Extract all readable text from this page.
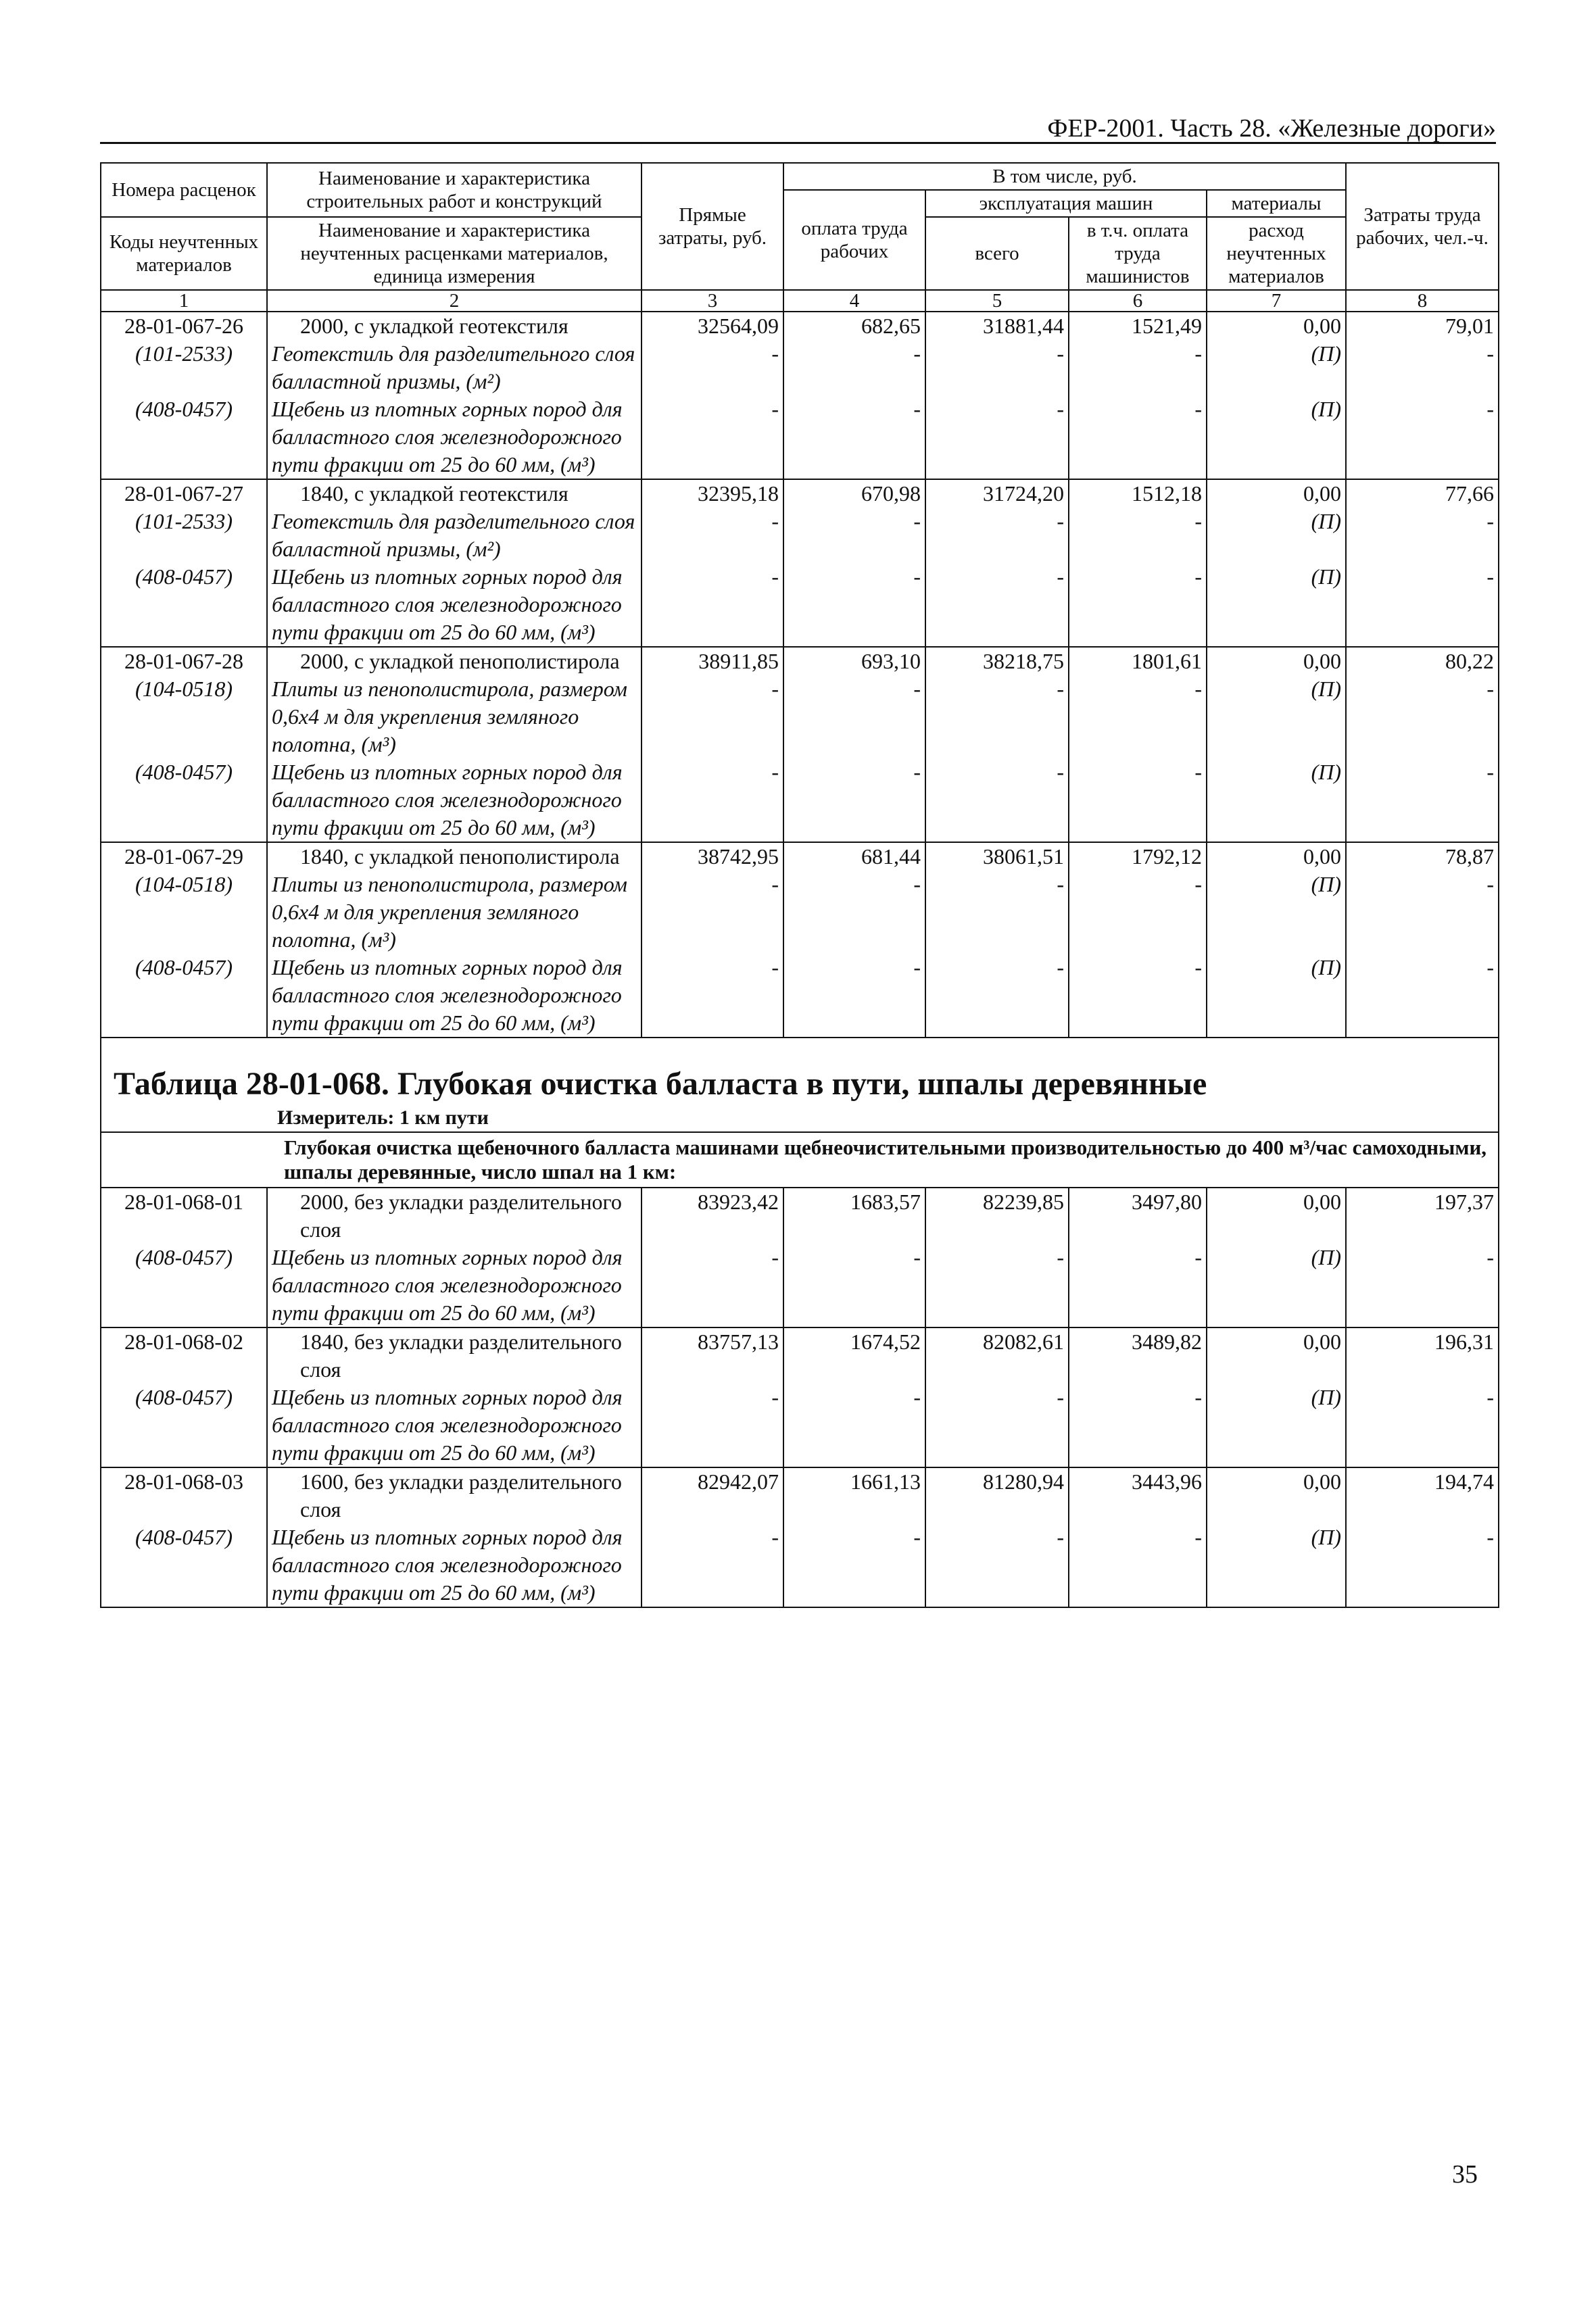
ФЕР-2001. Часть 28. «Железные дороги»
Номера расценок	Наименование и характеристика строительных работ и конструкций	Прямые затраты, руб.	В том числе, руб.				Затраты труда рабочих, чел.-ч.
			оплата труда рабочих	эксплуатация машин		материалы	
Коды неучтенных материалов	Наименование и характеристика неучтенных расценками материалов, единица измерения			всего	в т.ч. оплата труда машинистов	расход неучтенных материалов	

1	2	3	4	5	6	7	8
28-01-067-26	2000, с укладкой геотекстиля	32564,09	682,65	31881,44	1521,49	0,00	79,01
(101-2533)	Геотекстиль для разделительного слоя балластной призмы, (м²)	-	-	-	-	(П)	-
(408-0457)	Щебень из плотных горных пород для балластного слоя железнодорожного пути фракции от 25 до 60 мм, (м³)	-	-	-	-	(П)	-
28-01-067-27	1840, с укладкой геотекстиля	32395,18	670,98	31724,20	1512,18	0,00	77,66
(101-2533)	Геотекстиль для разделительного слоя балластной призмы, (м²)	-	-	-	-	(П)	-
(408-0457)	Щебень из плотных горных пород для балластного слоя железнодорожного пути фракции от 25 до 60 мм, (м³)	-	-	-	-	(П)	-
28-01-067-28	2000, с укладкой пенополистирола	38911,85	693,10	38218,75	1801,61	0,00	80,22
(104-0518)	Плиты из пенополистирола, размером 0,6х4 м для укрепления земляного полотна, (м³)	-	-	-	-	(П)	-
(408-0457)	Щебень из плотных горных пород для балластного слоя железнодорожного пути фракции от 25 до 60 мм, (м³)	-	-	-	-	(П)	-
28-01-067-29	1840, с укладкой пенополистирола	38742,95	681,44	38061,51	1792,12	0,00	78,87
(104-0518)	Плиты из пенополистирола, размером 0,6х4 м для укрепления земляного полотна, (м³)	-	-	-	-	(П)	-
(408-0457)	Щебень из плотных горных пород для балластного слоя железнодорожного пути фракции от 25 до 60 мм, (м³)	-	-	-	-	(П)	-
Таблица 28-01-068. Глубокая очистка балласта в пути, шпалы деревянные							
Измеритель: 1 км пути							
Глубокая очистка щебеночного балласта машинами щебнеочистительными производительностью до 400 м³/час самоходными, шпалы деревянные, число шпал на 1 км:							
28-01-068-01	2000, без укладки разделительного слоя	83923,42	1683,57	82239,85	3497,80	0,00	197,37
(408-0457)	Щебень из плотных горных пород для балластного слоя железнодорожного пути фракции от 25 до 60 мм, (м³)	-	-	-	-	(П)	-
28-01-068-02	1840, без укладки разделительного слоя	83757,13	1674,52	82082,61	3489,82	0,00	196,31
(408-0457)	Щебень из плотных горных пород для балластного слоя железнодорожного пути фракции от 25 до 60 мм, (м³)	-	-	-	-	(П)	-
28-01-068-03	1600, без укладки разделительного слоя	82942,07	1661,13	81280,94	3443,96	0,00	194,74
(408-0457)	Щебень из плотных горных пород для балластного слоя железнодорожного пути фракции от 25 до 60 мм, (м³)	-	-	-	-	(П)	-
35
